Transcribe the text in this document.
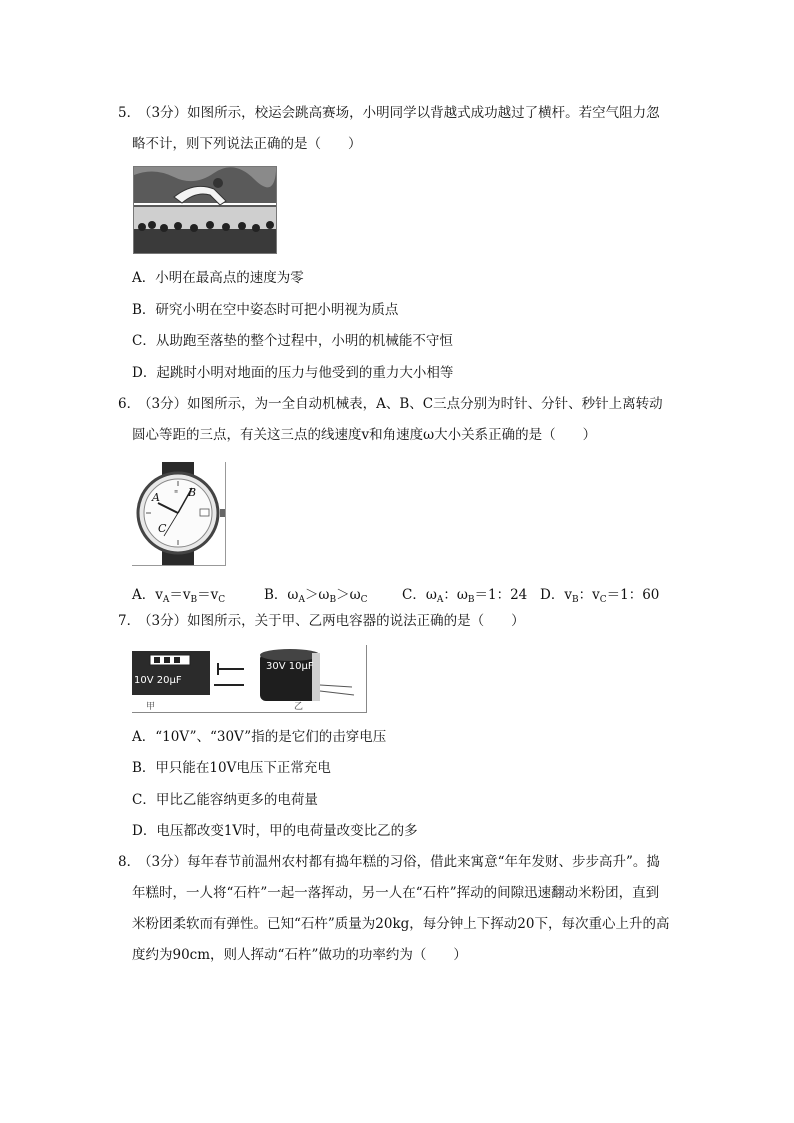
5．
（3分）如图所示，校运会跳高赛场，小明同学以背越式成功越过了横杆。若空气阻力忽
略不计，则下列说法正确的是（　　）
A．小明在最高点的速度为零
B．研究小明在空中姿态时可把小明视为质点
C．从助跑至落垫的整个过程中，小明的机械能不守恒
D．起跳时小明对地面的压力与他受到的重力大小相等
6．
（3分）如图所示，为一全自动机械表，A、B、C三点分别为时针、分针、秒针上离转动
圆心等距的三点，有关这三点的线速度v和角速度ω大小关系正确的是（　　）
≡
A	B
C
A．$v_A=v_B=v_C$	B．$\omega_A>\omega_B>\omega_C$	C．$\omega_A$：$\omega_B=1$：24 D．$v_B$：$v_C=1$：60
7．
（3分）如图所示，关于甲、乙两电容器的说法正确的是（　　）
10V 20μF
30V 10μF
甲	乙
A．“10V”、“30V”指的是它们的击穿电压
B．甲只能在10V电压下正常充电
C．甲比乙能容纳更多的电荷量
D．电压都改变1V时，甲的电荷量改变比乙的多
8．
（3分）每年春节前温州农村都有捣年糕的习俗，借此来寓意“年年发财、步步高升”。捣
年糕时，一人将“石杵”一起一落挥动，另一人在“石杵”挥动的间隙迅速翻动米粉团，直到
米粉团柔软而有弹性。已知“石杵”质量为20kg，每分钟上下挥动20下，每次重心上升的高
度约为90cm，则人挥动“石杵”做功的功率约为（　　）
